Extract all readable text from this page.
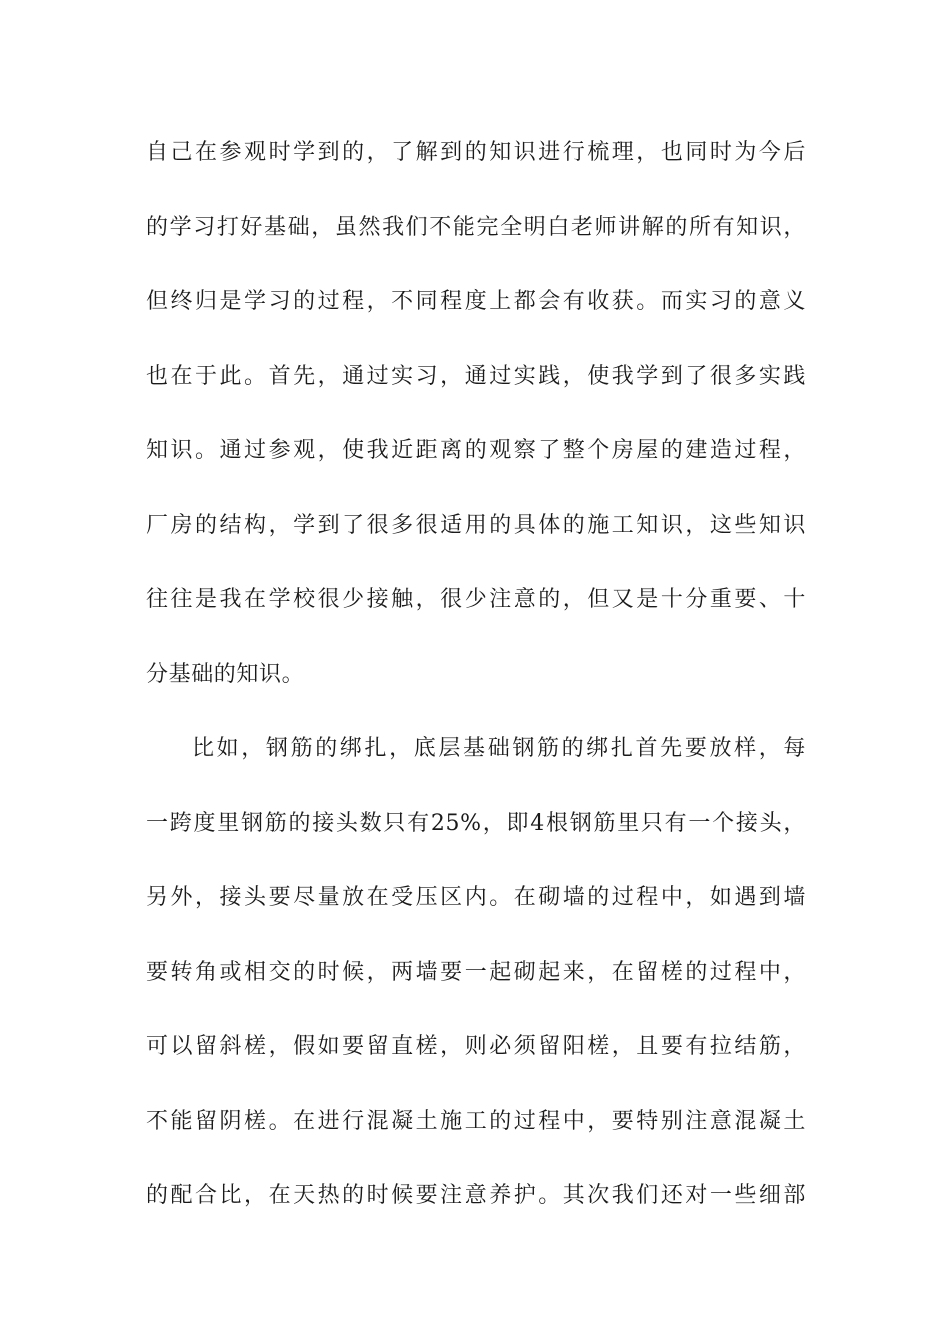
自己在参观时学到的，了解到的知识进行梳理，也同时为今后
的学习打好基础，虽然我们不能完全明白老师讲解的所有知识，
但终归是学习的过程，不同程度上都会有收获。而实习的意义
也在于此。首先，通过实习，通过实践，使我学到了很多实践
知识。通过参观，使我近距离的观察了整个房屋的建造过程，
厂房的结构，学到了很多很适用的具体的施工知识，这些知识
往往是我在学校很少接触，很少注意的，但又是十分重要、十
分基础的知识。
比如，钢筋的绑扎，底层基础钢筋的绑扎首先要放样，每
一跨度里钢筋的接头数只有25%，即4根钢筋里只有一个接头，
另外，接头要尽量放在受压区内。在砌墙的过程中，如遇到墙
要转角或相交的时候，两墙要一起砌起来，在留槎的过程中，
可以留斜槎，假如要留直槎，则必须留阳槎，且要有拉结筋，
不能留阴槎。在进行混凝土施工的过程中，要特别注意混凝土
的配合比，在天热的时候要注意养护。其次我们还对一些细部
